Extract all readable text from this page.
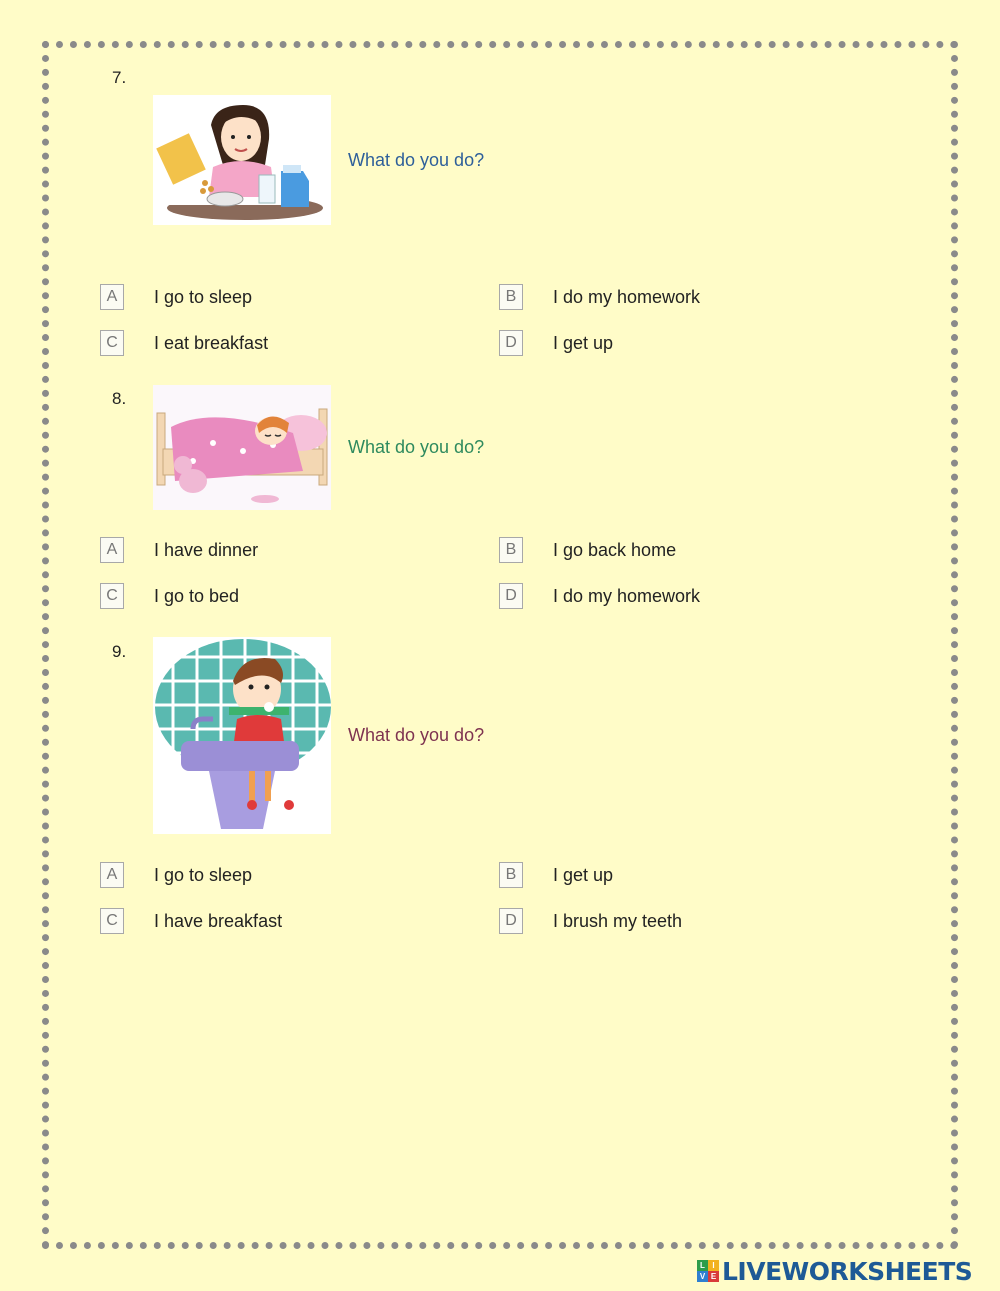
7.
What do you do?
A	I go to sleep	B	I do my homework
C	I eat breakfast	D	I get up
8.
What do you do?
A	I have dinner	B	I go back home
C	I go to bed	D	I do my homework
9.
What do you do?
A	I go to sleep	B	I get up
C	I have breakfast	D	I brush my teeth
L I
V E LIVEWORKSHEETS
